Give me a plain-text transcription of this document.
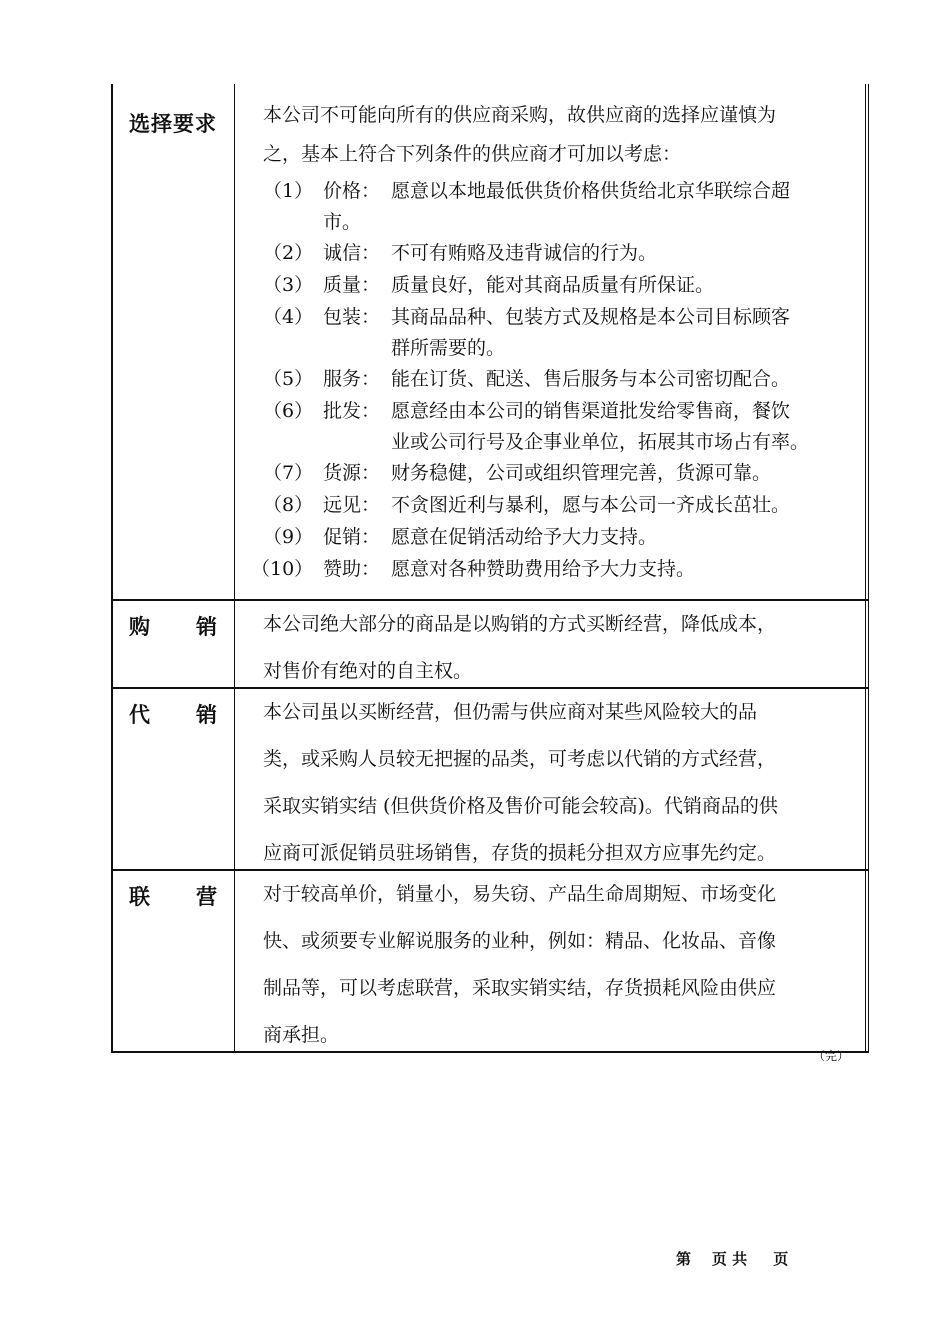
选择要求	本公司不可能向所有的供应商采购，故供应商的选择应谨慎为
之，基本上符合下列条件的供应商才可加以考虑：
（1） 价格： 愿意以本地最低供货价格供货给北京华联综合超
市。
（2） 诚信： 不可有贿赂及违背诚信的行为。
（3） 质量： 质量良好，能对其商品质量有所保证。
（4） 包装： 其商品品种、包装方式及规格是本公司目标顾客
群所需要的。
（5） 服务： 能在订货、配送、售后服务与本公司密切配合。
（6） 批发： 愿意经由本公司的销售渠道批发给零售商，餐饮
业或公司行号及企事业单位，拓展其市场占有率。
（7） 货源： 财务稳健，公司或组织管理完善，货源可靠。
（8） 远见： 不贪图近利与暴利，愿与本公司一齐成长茁壮。
（9） 促销： 愿意在促销活动给予大力支持。
（10） 赞助： 愿意对各种赞助费用给予大力支持。
购 销 本公司绝大部分的商品是以购销的方式买断经营，降低成本，
对售价有绝对的自主权。
代 销 本公司虽以买断经营，但仍需与供应商对某些风险较大的品
类，或采购人员较无把握的品类，可考虑以代销的方式经营，
采取实销实结 (但供货价格及售价可能会较高)。代销商品的供
应商可派促销员驻场销售，存货的损耗分担双方应事先约定。
联 营 对于较高单价，销量小，易失窃、产品生命周期短、市场变化
快、或须要专业解说服务的业种，例如：精品、化妆品、音像
制品等，可以考虑联营，采取实销实结，存货损耗风险由供应
商承担。
（完）
第    页 共     页
